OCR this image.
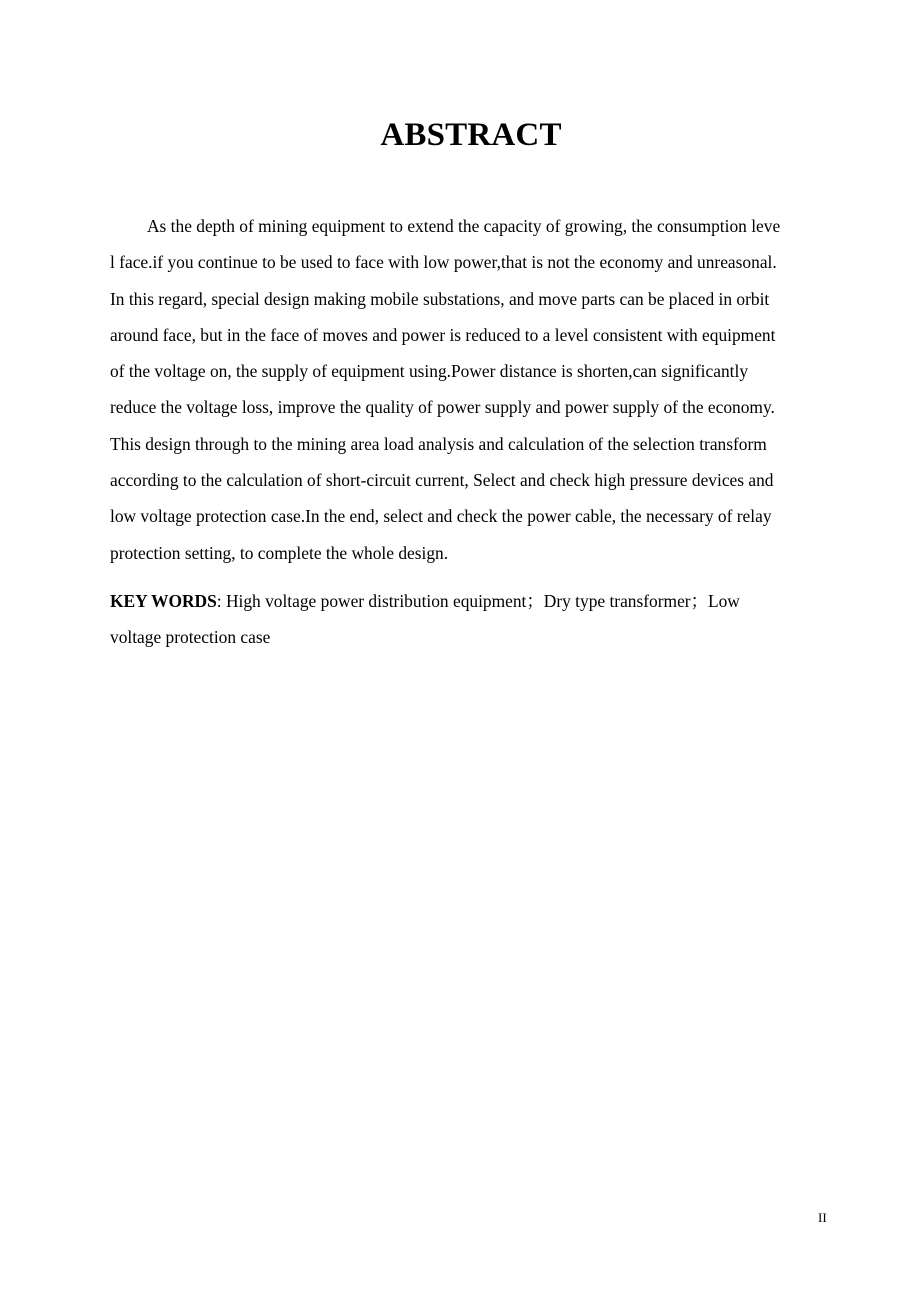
ABSTRACT
As the depth of mining equipment to extend the capacity of growing, the consumption leve
l face.if you continue to be used to face with low power,that is not the economy and unreasonal.
In this regard, special design making mobile substations, and move parts can be placed in orbit
around face, but in the face of moves and power is reduced to a level consistent with equipment
of the voltage on, the supply of equipment using.Power distance is shorten,can significantly
reduce the voltage loss, improve the quality of power supply and power supply of the economy.
This design through to the mining area load analysis and calculation of the selection transform
according to the calculation of short-circuit current, Select and check high pressure devices and
low voltage protection case.In the end, select and check the power cable, the necessary of relay
protection setting, to complete the whole design.
KEY WORDS: High voltage power distribution equipment；Dry type transformer；Low
voltage protection case
II
